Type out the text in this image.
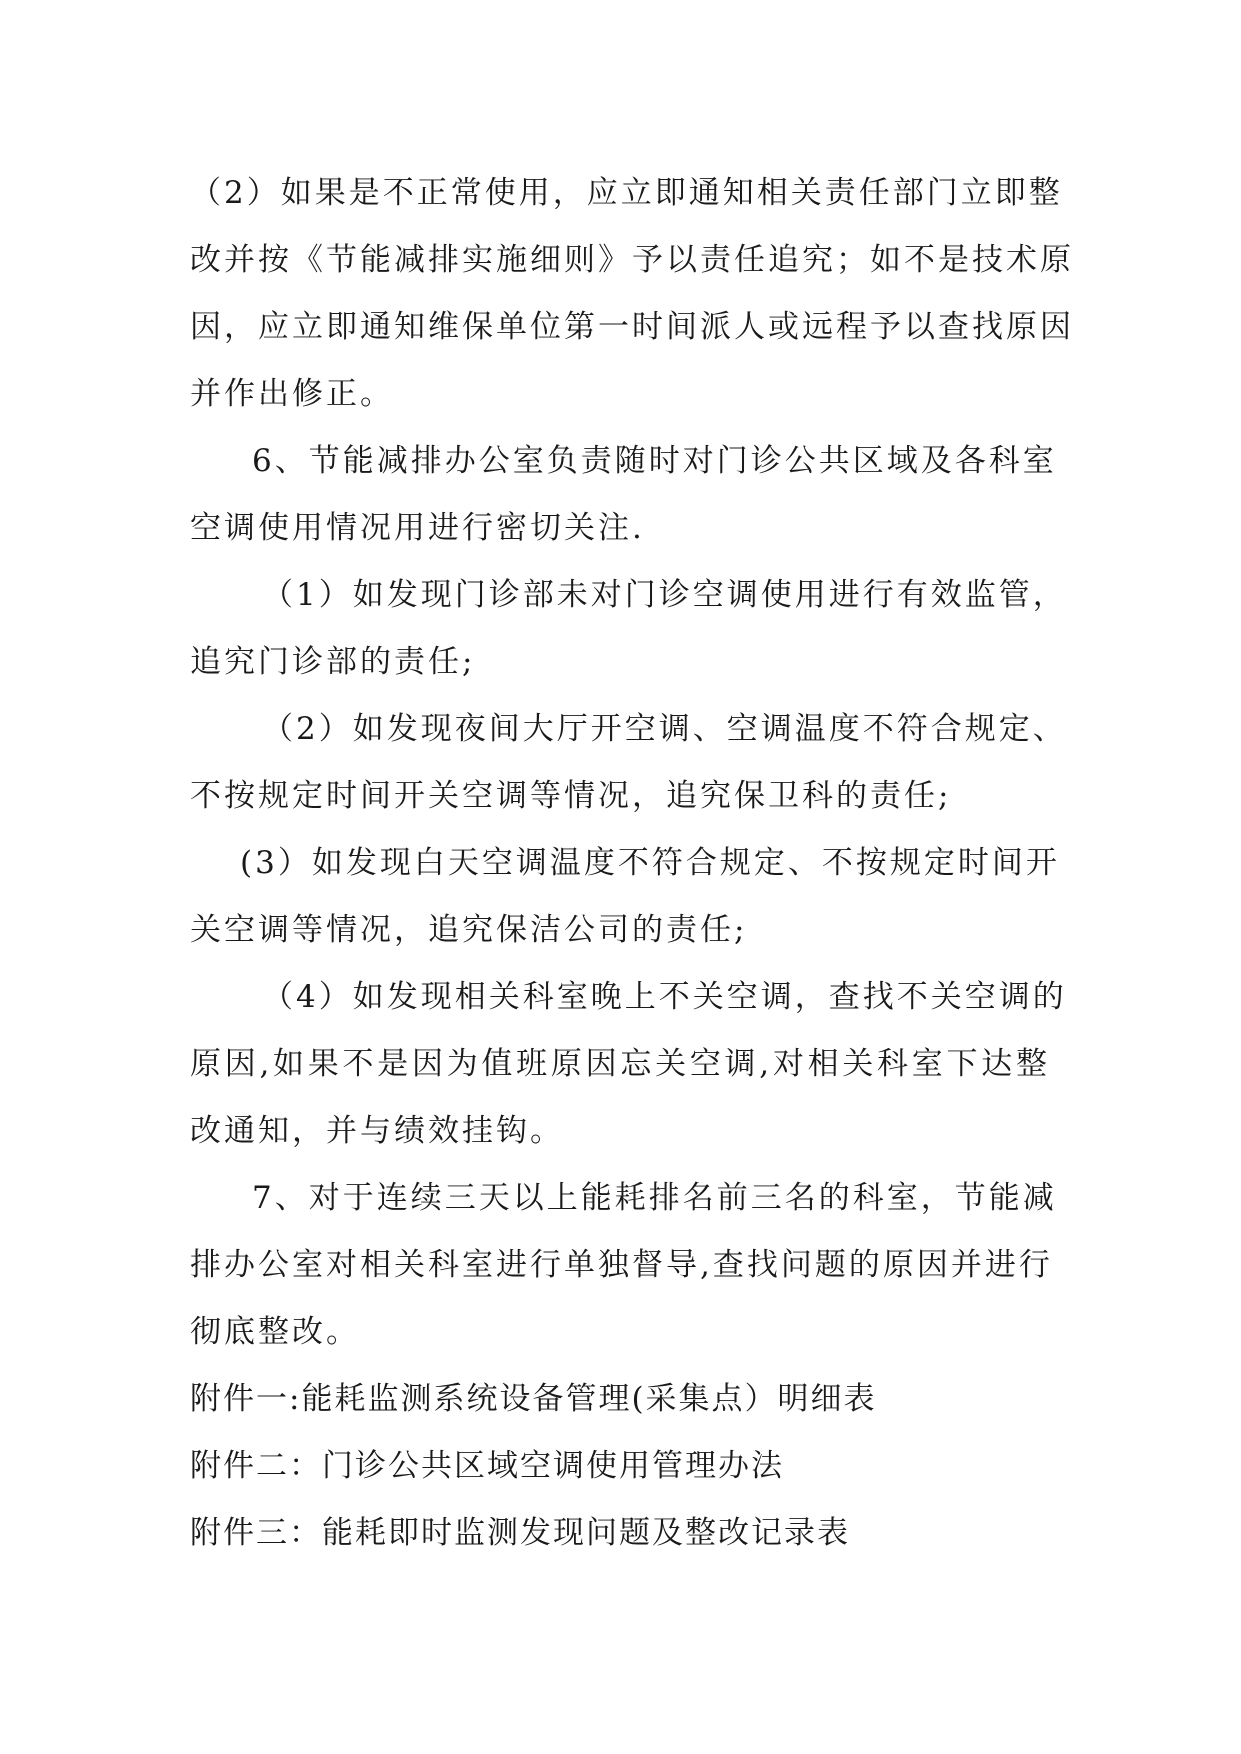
（2）如果是不正常使用，应立即通知相关责任部门立即整
改并按《节能减排实施细则》予以责任追究；如不是技术原
因，应立即通知维保单位第一时间派人或远程予以查找原因
并作出修正。
6、节能减排办公室负责随时对门诊公共区域及各科室
空调使用情况用进行密切关注.
（1）如发现门诊部未对门诊空调使用进行有效监管，
追究门诊部的责任;
（2）如发现夜间大厅开空调、空调温度不符合规定、
不按规定时间开关空调等情况，追究保卫科的责任;
(3）如发现白天空调温度不符合规定、不按规定时间开
关空调等情况，追究保洁公司的责任;
（4）如发现相关科室晚上不关空调，查找不关空调的
原因,如果不是因为值班原因忘关空调,对相关科室下达整
改通知，并与绩效挂钩。
7、对于连续三天以上能耗排名前三名的科室，节能减
排办公室对相关科室进行单独督导,查找问题的原因并进行
彻底整改。
附件一:能耗监测系统设备管理(采集点）明细表
附件二：门诊公共区域空调使用管理办法
附件三：能耗即时监测发现问题及整改记录表
